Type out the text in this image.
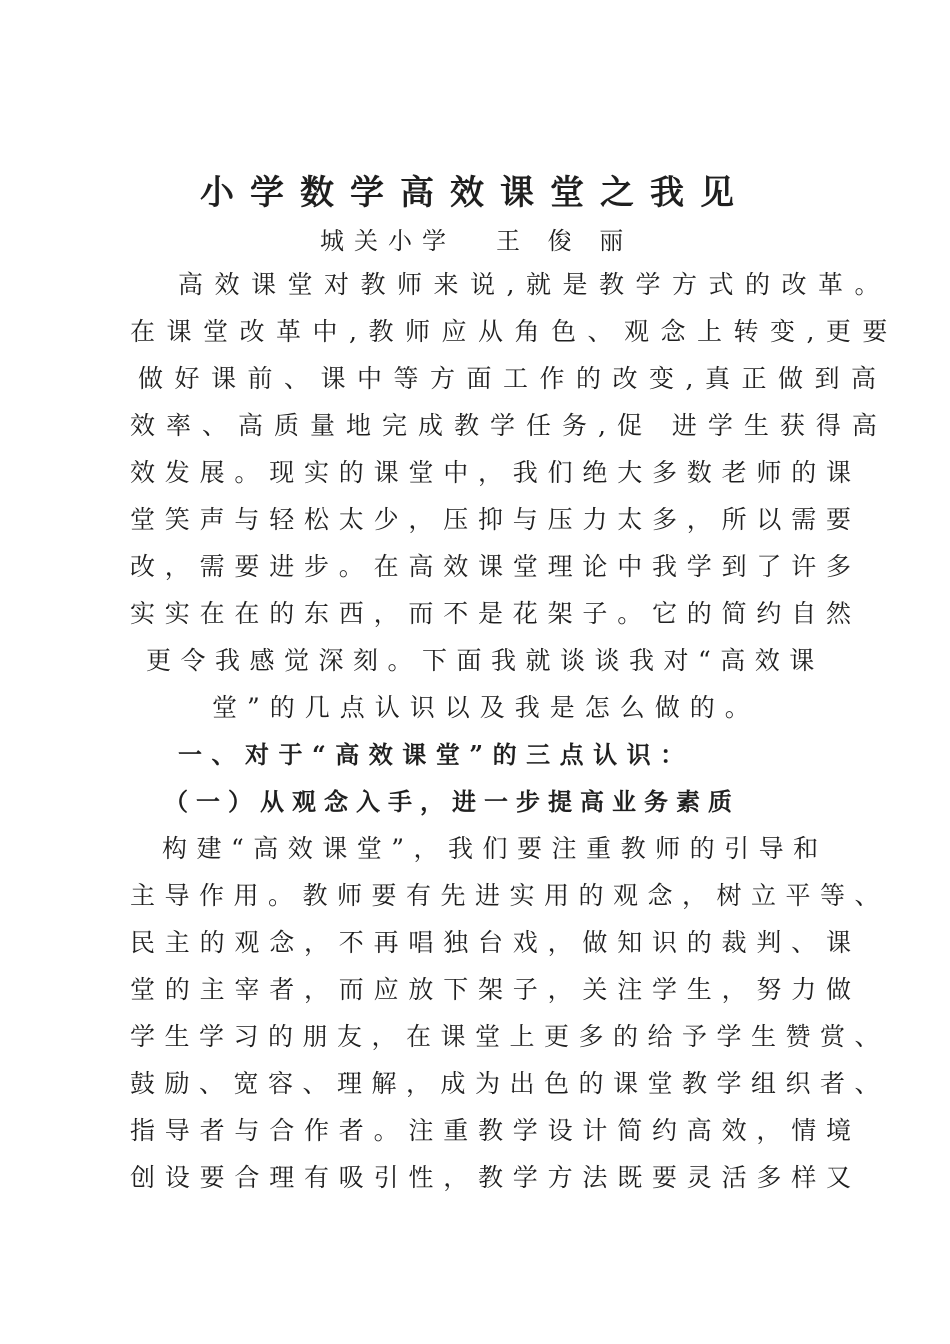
小学数学高效课堂之我见
城关小学 王 俊 丽
高效课堂对教师来说,就是教学方式的改革。
在课堂改革中,教师应从角色、观念上转变,更要
做好课前、课中等方面工作的改变,真正做到高
效率、高质量地完成教学任务,促 进学生获得高
效发展。现实的课堂中，我们绝大多数老师的课
堂笑声与轻松太少，压抑与压力太多，所以需要
改，需要进步。在高效课堂理论中我学到了许多
实实在在的东西，而不是花架子。它的简约自然
更令我感觉深刻。下面我就谈谈我对“高效课
堂”的几点认识以及我是怎么做的。
一、对于“高效课堂”的三点认识：
（一）从观念入手，进一步提高业务素质
构建“高效课堂”，我们要注重教师的引导和
主导作用。教师要有先进实用的观念，树立平等、
民主的观念，不再唱独台戏，做知识的裁判、课
堂的主宰者，而应放下架子，关注学生，努力做
学生学习的朋友，在课堂上更多的给予学生赞赏、
鼓励、宽容、理解，成为出色的课堂教学组织者、
指导者与合作者。注重教学设计简约高效，情境
创设要合理有吸引性，教学方法既要灵活多样又
